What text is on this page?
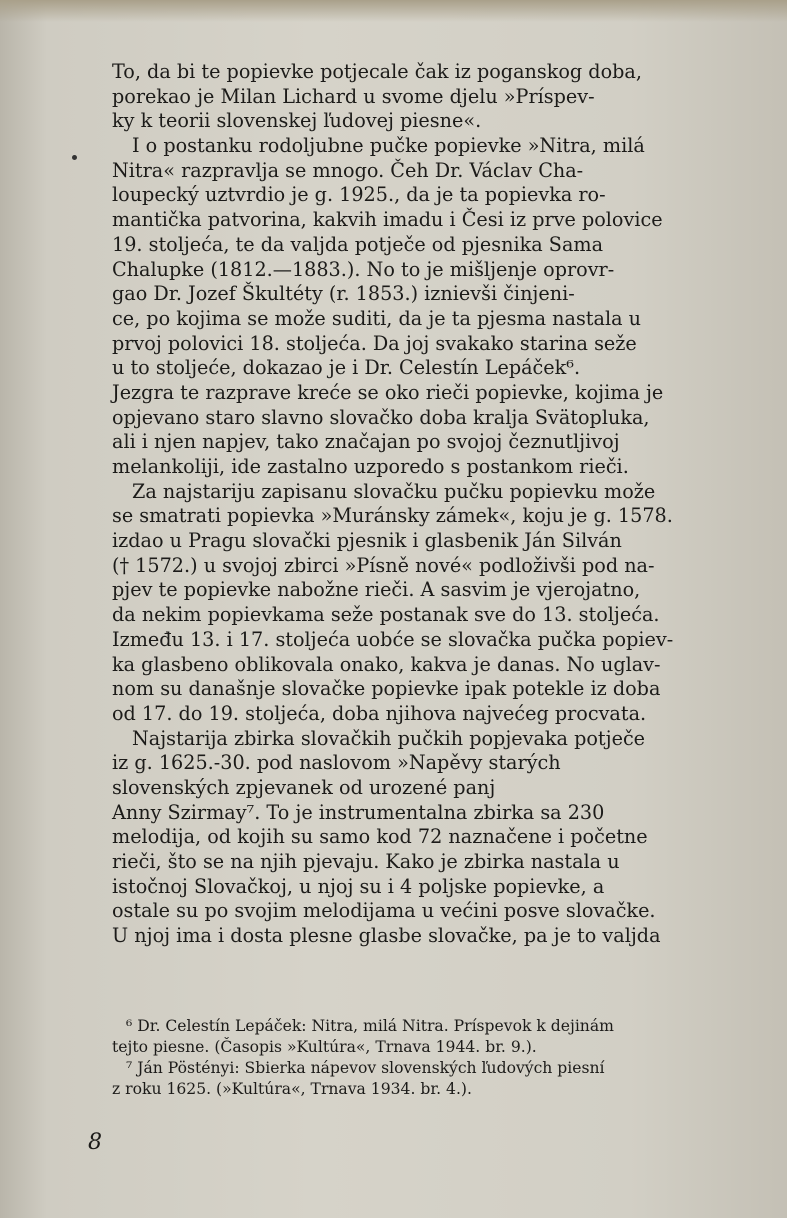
To, da bi te popievke potjecale čak iz poganskog doba,
porekao je Milan Lichard u svome djelu »Príspev-
ky k teorii slovenskej ľudovej piesne«.
I o postanku rodoljubne pučke popievke »Nitra, milá
Nitra« razpravlja se mnogo. Čeh Dr. Václav Cha-
loupecký uztvrdio je g. 1925., da je ta popievka ro-
mantička patvorina, kakvih imadu i Česi iz prve polovice
19. stoljeća, te da valjda potječe od pjesnika Sama
Chalupke (1812.—1883.). No to je mišljenje oprovr-
gao Dr. Jozef Škultéty (r. 1853.) iznievši činjeni-
ce, po kojima se može suditi, da je ta pjesma nastala u
prvoj polovici 18. stoljeća. Da joj svakako starina seže
u to stoljeće, dokazao je i Dr. Celestín Lepáček⁶.
Jezgra te razprave kreće se oko rieči popievke, kojima je
opjevano staro slavno slovačko doba kralja Svätopluka,
ali i njen napjev, tako značajan po svojoj čeznutljivoj
melankoliji, ide zastalno uzporedo s postankom rieči.
Za najstariju zapisanu slovačku pučku popievku može
se smatrati popievka »Muránsky zámek«, koju je g. 1578.
izdao u Pragu slovački pjesnik i glasbenik Ján Silván
(† 1572.) u svojoj zbirci »Písně nové« podloživši pod na-
pjev te popievke nabožne rieči. A sasvim je vjerojatno,
da nekim popievkama seže postanak sve do 13. stoljeća.
Između 13. i 17. stoljeća uobće se slovačka pučka popiev-
ka glasbeno oblikovala onako, kakva je danas. No uglav-
nom su današnje slovačke popievke ipak potekle iz doba
od 17. do 19. stoljeća, doba njihova najvećeg procvata.
Najstarija zbirka slovačkih pučkih popjevaka potječe
iz g. 1625.-30. pod naslovom »Napěvy starých
slovenských zpjevanek od urozené panj
Anny Szirmay⁷. To je instrumentalna zbirka sa 230
melodija, od kojih su samo kod 72 naznačene i početne
rieči, što se na njih pjevaju. Kako je zbirka nastala u
istočnoj Slovačkoj, u njoj su i 4 poljske popievke, a
ostale su po svojim melodijama u većini posve slovačke.
U njoj ima i dosta plesne glasbe slovačke, pa je to valjda
⁶ Dr. Celestín Lepáček: Nitra, milá Nitra. Príspevok k dejinám
tejto piesne. (Časopis »Kultúra«, Trnava 1944. br. 9.).
⁷ Ján Pöstényi: Sbierka nápevov slovenských ľudových piesní
z roku 1625. (»Kultúra«, Trnava 1934. br. 4.).
8
